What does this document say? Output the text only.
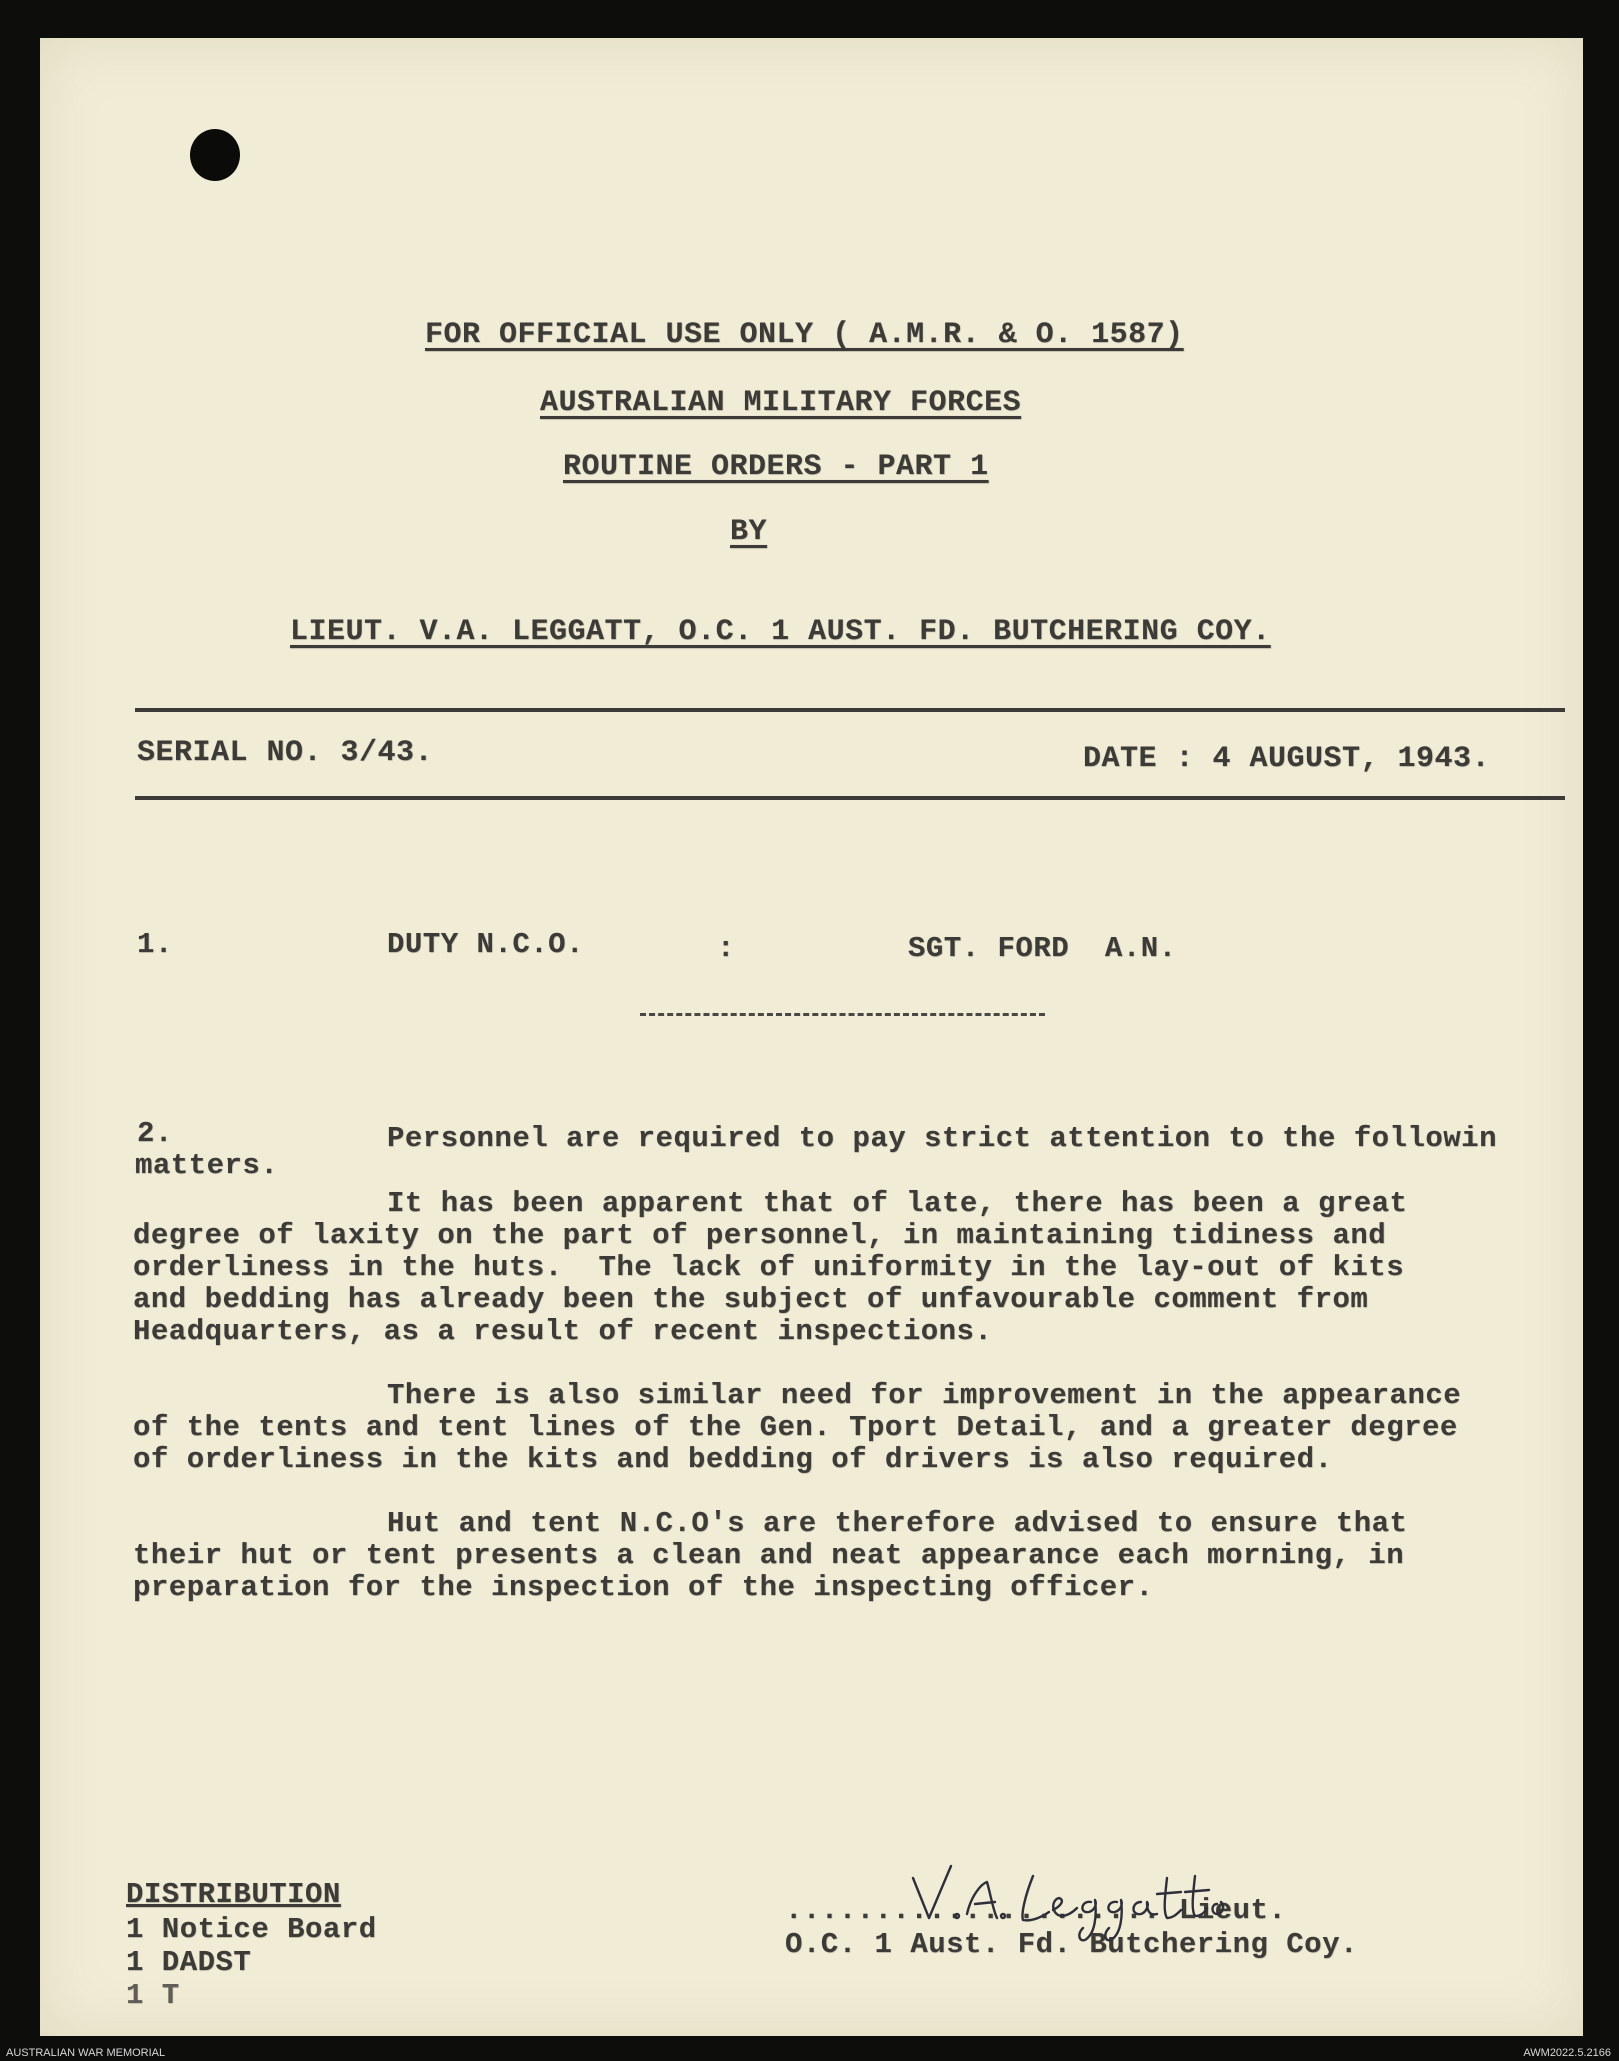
FOR OFFICIAL USE ONLY ( A.M.R. & O. 1587)
AUSTRALIAN MILITARY FORCES
ROUTINE ORDERS - PART 1
BY
LIEUT. V.A. LEGGATT, O.C. 1 AUST. FD. BUTCHERING COY.
SERIAL NO. 3/43.	DATE : 4 AUGUST, 1943.
1.	DUTY N.C.O.	:	SGT. FORD  A.N.
2.	Personnel are required to pay strict attention to the followin
matters.
It has been apparent that of late, there has been a great
degree of laxity on the part of personnel, in maintaining tidiness and
orderliness in the huts.  The lack of uniformity in the lay-out of kits
and bedding has already been the subject of unfavourable comment from
Headquarters, as a result of recent inspections.
There is also similar need for improvement in the appearance
of the tents and tent lines of the Gen. Tport Detail, and a greater degree
of orderliness in the kits and bedding of drivers is also required.
Hut and tent N.C.O's are therefore advised to ensure that
their hut or tent presents a clean and neat appearance each morning, in
preparation for the inspection of the inspecting officer.
DISTRIBUTION
1 Notice Board
1 DADST
1 T
..................... Lieut.
O.C. 1 Aust. Fd. Butchering Coy.
AUSTRALIAN WAR MEMORIAL	AWM2022.5.2166
